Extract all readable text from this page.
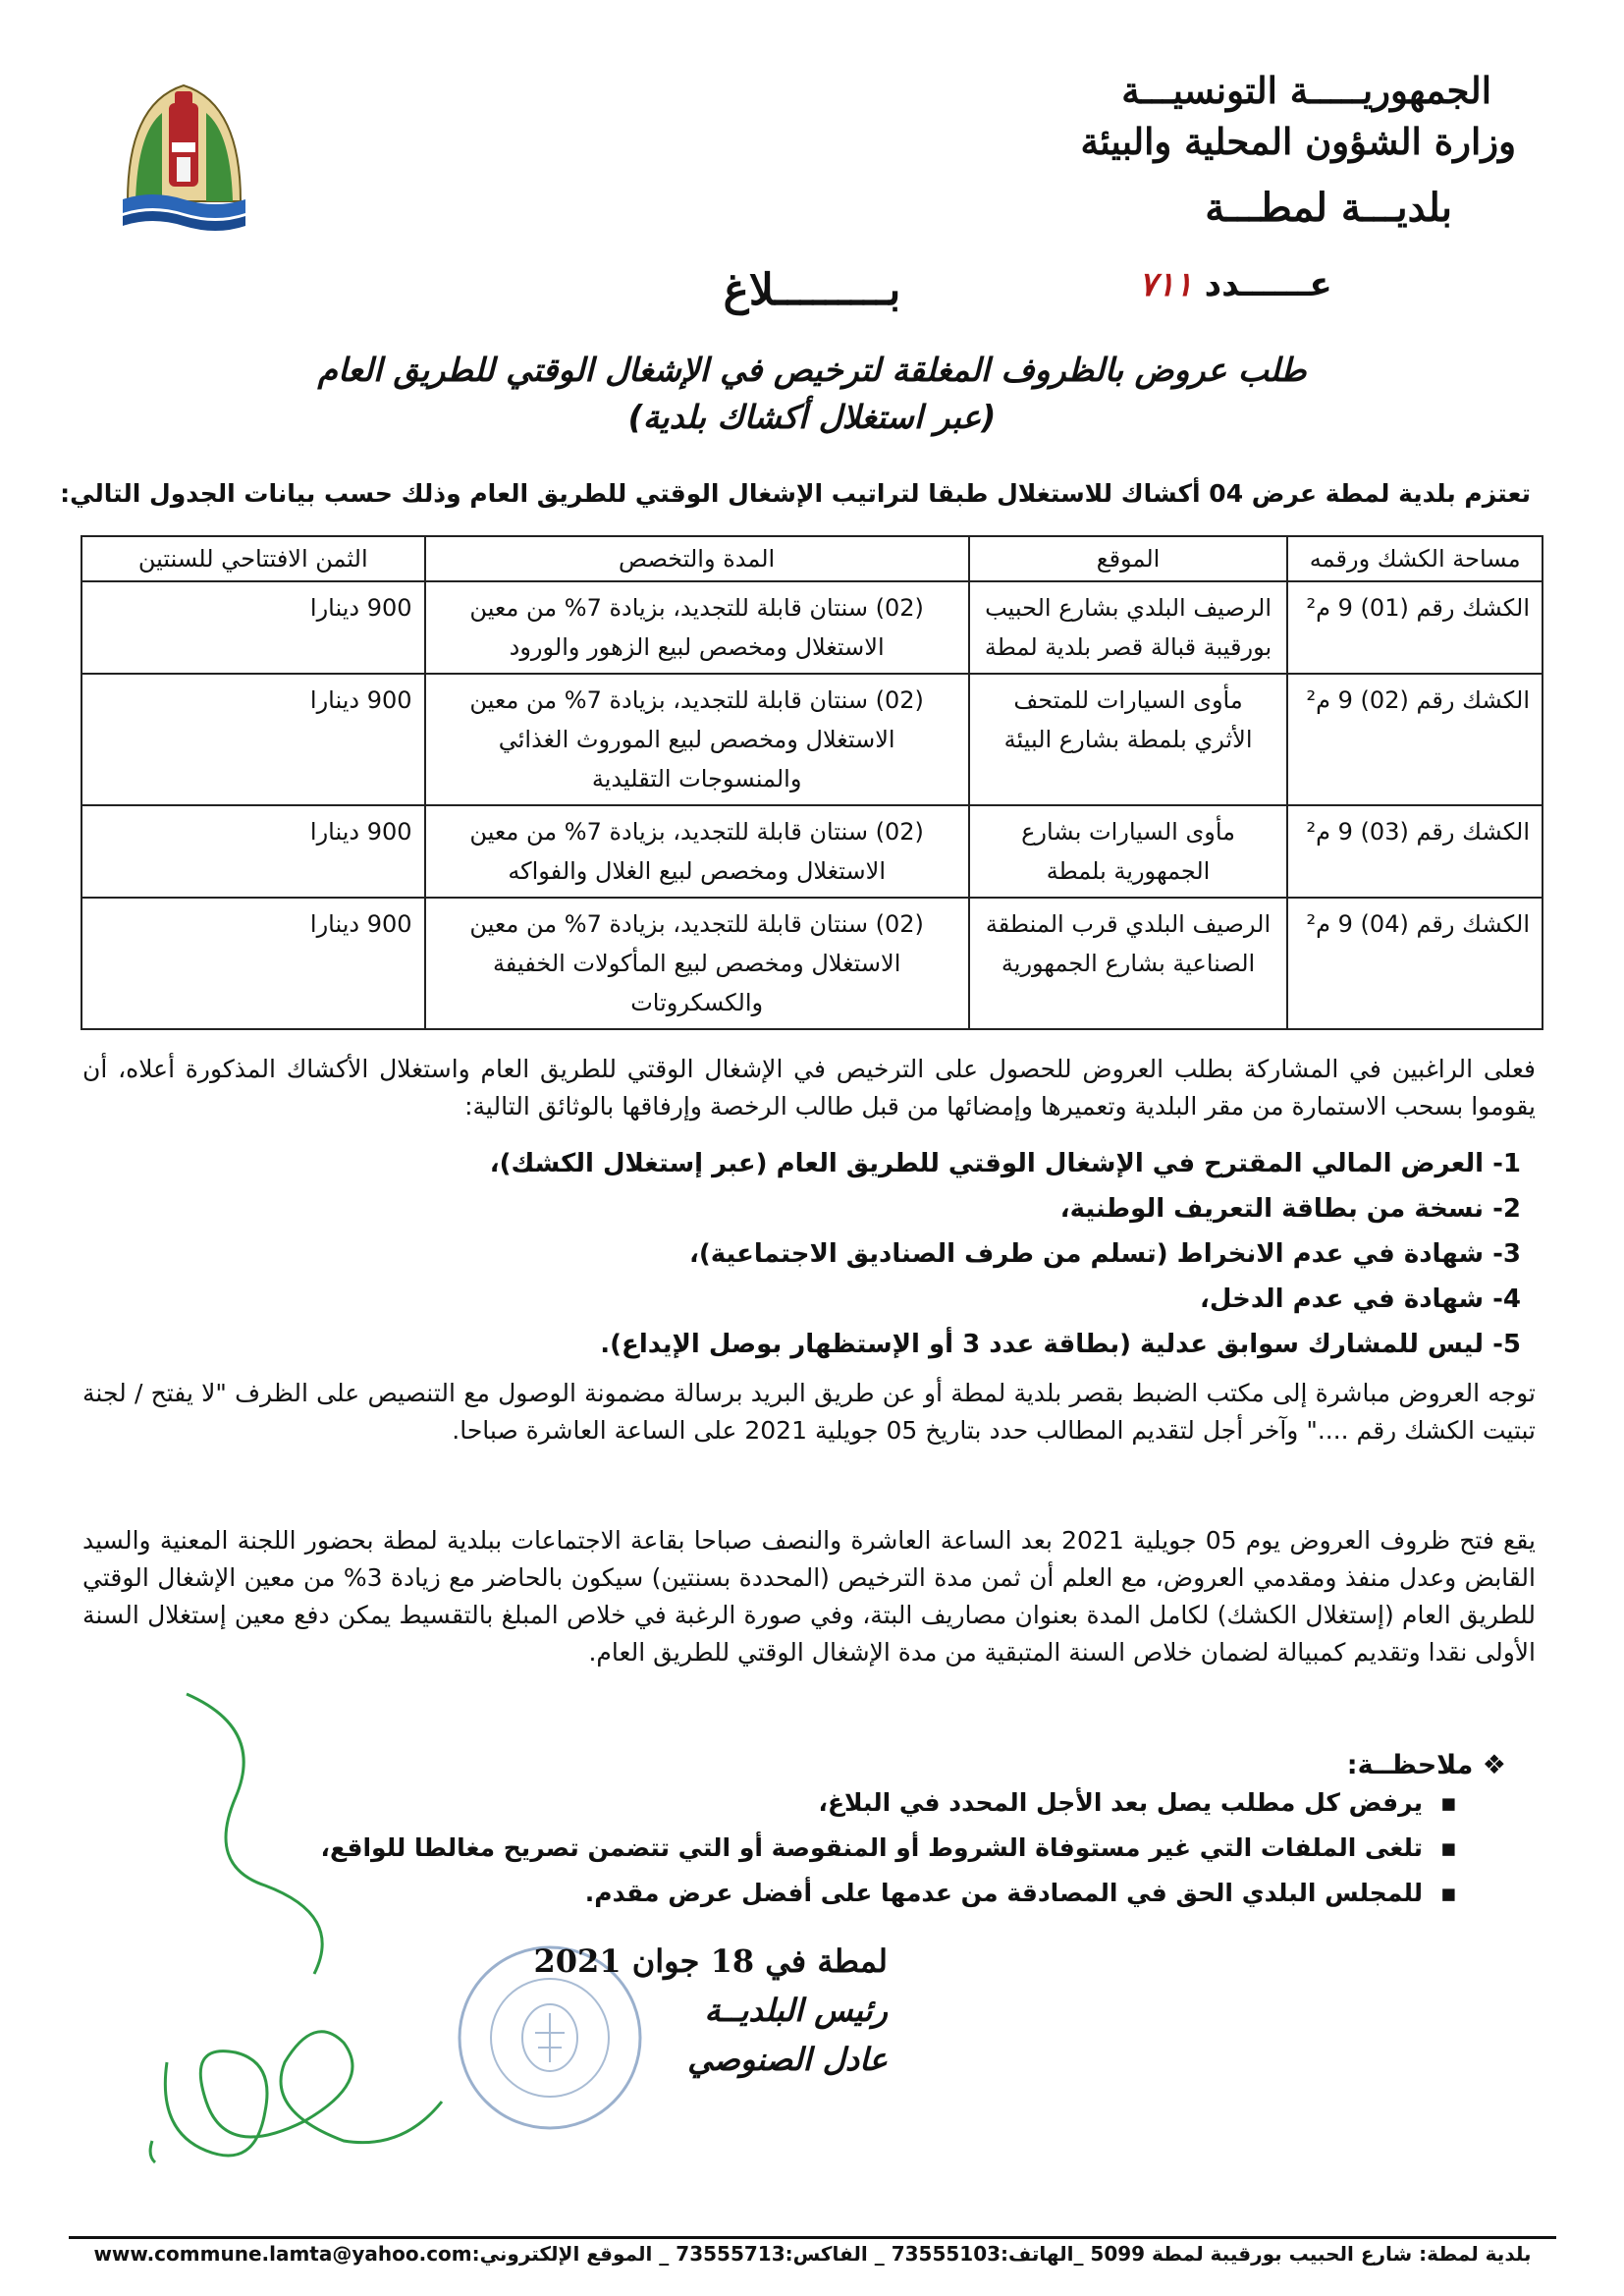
الجمهوريـــــة التونسيـــة
وزارة الشؤون المحلية والبيئة
بلديـــة لمطـــة
عــــــدد ٧١١
بـــــــــلاغ
طلب عروض بالظروف المغلقة لترخيص في الإشغال الوقتي للطريق العام
(عبر استغلال أكشاك بلدية)
تعتزم بلدية لمطة عرض 04 أكشاك للاستغلال طبقا لتراتيب الإشغال الوقتي للطريق العام وذلك حسب بيانات الجدول التالي:
مساحة الكشك ورقمه	الموقع	المدة والتخصص	الثمن الافتتاحي للسنتين
الكشك رقم (01) 9 م²	الرصيف البلدي بشارع الحبيب بورقيبة قبالة قصر بلدية لمطة	(02) سنتان قابلة للتجديد، بزيادة 7% من معين الاستغلال ومخصص لبيع الزهور والورود	900 دينارا
الكشك رقم (02) 9 م²	مأوى السيارات للمتحف الأثري بلمطة بشارع البيئة	(02) سنتان قابلة للتجديد، بزيادة 7% من معين الاستغلال ومخصص لبيع الموروث الغذائي والمنسوجات التقليدية	900 دينارا
الكشك رقم (03) 9 م²	مأوى السيارات بشارع الجمهورية بلمطة	(02) سنتان قابلة للتجديد، بزيادة 7% من معين الاستغلال ومخصص لبيع الغلال والفواكه	900 دينارا
الكشك رقم (04) 9 م²	الرصيف البلدي قرب المنطقة الصناعية بشارع الجمهورية	(02) سنتان قابلة للتجديد، بزيادة 7% من معين الاستغلال ومخصص لبيع المأكولات الخفيفة والكسكروتات	900 دينارا
فعلى الراغبين في المشاركة بطلب العروض للحصول على الترخيص في الإشغال الوقتي للطريق العام واستغلال الأكشاك المذكورة أعلاه، أن يقوموا بسحب الاستمارة من مقر البلدية وتعميرها وإمضائها من قبل طالب الرخصة وإرفاقها بالوثائق التالية:
1- العرض المالي المقترح في الإشغال الوقتي للطريق العام (عبر إستغلال الكشك)،
2- نسخة من بطاقة التعريف الوطنية،
3- شهادة في عدم الانخراط (تسلم من طرف الصناديق الاجتماعية)،
4- شهادة في عدم الدخل،
5- ليس للمشارك سوابق عدلية (بطاقة عدد 3 أو الإستظهار بوصل الإيداع).
توجه العروض مباشرة إلى مكتب الضبط بقصر بلدية لمطة أو عن طريق البريد برسالة مضمونة الوصول مع التنصيص على الظرف "لا يفتح / لجنة تبتيت الكشك رقم ...." وآخر أجل لتقديم المطالب حدد بتاريخ 05 جويلية 2021 على الساعة العاشرة صباحا.
يقع فتح ظروف العروض يوم 05 جويلية 2021 بعد الساعة العاشرة والنصف صباحا بقاعة الاجتماعات ببلدية لمطة بحضور اللجنة المعنية والسيد القابض وعدل منفذ ومقدمي العروض، مع العلم أن ثمن مدة الترخيص (المحددة بسنتين) سيكون بالحاضر مع زيادة 3% من معين الإشغال الوقتي للطريق العام (إستغلال الكشك) لكامل المدة بعنوان مصاريف البتة، وفي صورة الرغبة في خلاص المبلغ بالتقسيط يمكن دفع معين إستغلال السنة الأولى نقدا وتقديم كمبيالة لضمان خلاص السنة المتبقية من مدة الإشغال الوقتي للطريق العام.
❖ ملاحظــة:
▪ يرفض كل مطلب يصل بعد الأجل المحدد في البلاغ،
▪ تلغى الملفات التي غير مستوفاة الشروط أو المنقوصة أو التي تتضمن تصريح مغالطا للواقع،
▪ للمجلس البلدي الحق في المصادقة من عدمها على أفضل عرض مقدم.
لمطة في 18 جوان 2021
رئيس البلديــة
عادل الصنوصي
بلدية لمطة: شارع الحبيب بورقيبة لمطة 5099 _الهاتف:73555103 _ الفاكس:73555713 _ الموقع الإلكتروني:www.commune.lamta@yahoo.com
